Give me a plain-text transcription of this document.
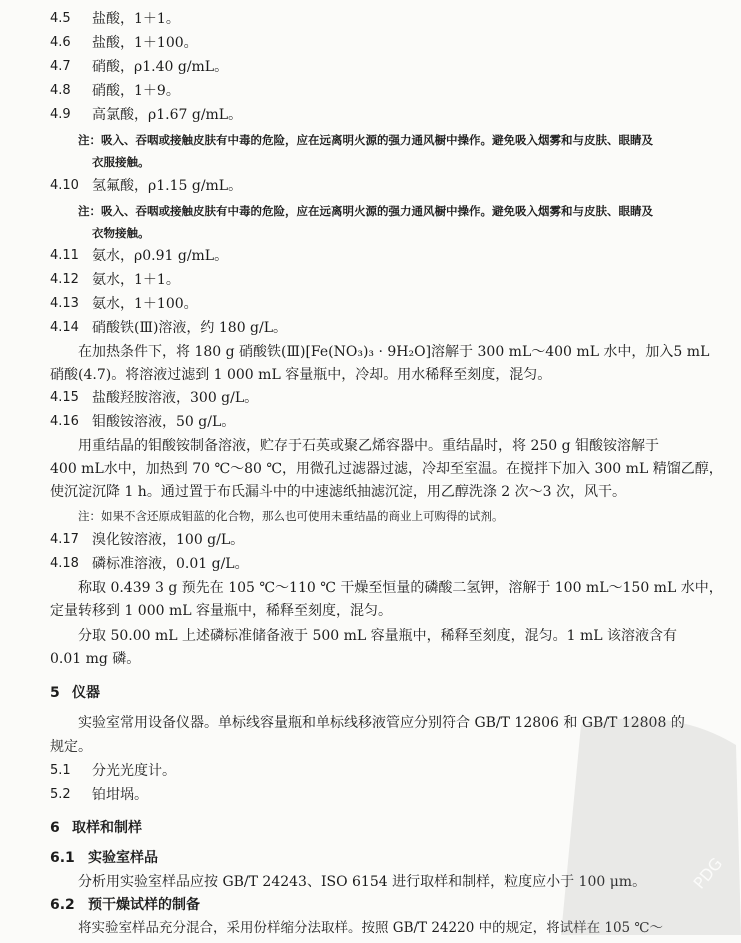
4.5 盐酸，1＋1。
4.6 盐酸，1＋100。
4.7 硝酸，ρ1.40 g/mL。
4.8 硝酸，1＋9。
4.9 高氯酸，ρ1.67 g/mL。
注：吸入、吞咽或接触皮肤有中毒的危险，应在远离明火源的强力通风橱中操作。避免吸入烟雾和与皮肤、眼睛及
衣服接触。
4.10 氢氟酸，ρ1.15 g/mL。
注：吸入、吞咽或接触皮肤有中毒的危险，应在远离明火源的强力通风橱中操作。避免吸入烟雾和与皮肤、眼睛及
衣物接触。
4.11 氨水，ρ0.91 g/mL。
4.12 氨水，1＋1。
4.13 氨水，1＋100。
4.14 硝酸铁(Ⅲ)溶液，约 180 g/L。
在加热条件下，将 180 g 硝酸铁(Ⅲ)[Fe(NO₃)₃ · 9H₂O]溶解于 300 mL～400 mL 水中，加入5 mL
硝酸(4.7)。将溶液过滤到 1 000 mL 容量瓶中，冷却。用水稀释至刻度，混匀。
4.15 盐酸羟胺溶液，300 g/L。
4.16 钼酸铵溶液，50 g/L。
用重结晶的钼酸铵制备溶液，贮存于石英或聚乙烯容器中。重结晶时，将 250 g 钼酸铵溶解于
400 mL水中，加热到 70 ℃～80 ℃，用微孔过滤器过滤，冷却至室温。在搅拌下加入 300 mL 精馏乙醇，
使沉淀沉降 1 h。通过置于布氏漏斗中的中速滤纸抽滤沉淀，用乙醇洗涤 2 次～3 次，风干。
注：如果不含还原成钼蓝的化合物，那么也可使用未重结晶的商业上可购得的试剂。
4.17 溴化铵溶液，100 g/L。
4.18 磷标准溶液，0.01 g/L。
称取 0.439 3 g 预先在 105 ℃～110 ℃ 干燥至恒量的磷酸二氢钾，溶解于 100 mL～150 mL 水中，
定量转移到 1 000 mL 容量瓶中，稀释至刻度，混匀。
分取 50.00 mL 上述磷标准储备液于 500 mL 容量瓶中，稀释至刻度，混匀。1 mL 该溶液含有
0.01 mg 磷。
5 仪器
实验室常用设备仪器。单标线容量瓶和单标线移液管应分别符合 GB/T 12806 和 GB/T 12808 的
规定。
5.1 分光光度计。
5.2 铂坩埚。
6 取样和制样
6.1 实验室样品
分析用实验室样品应按 GB/T 24243、ISO 6154 进行取样和制样，粒度应小于 100 μm。
6.2 预干燥试样的制备
将实验室样品充分混合，采用份样缩分法取样。按照 GB/T 24220 中的规定，将试样在 105 ℃～
PDG
